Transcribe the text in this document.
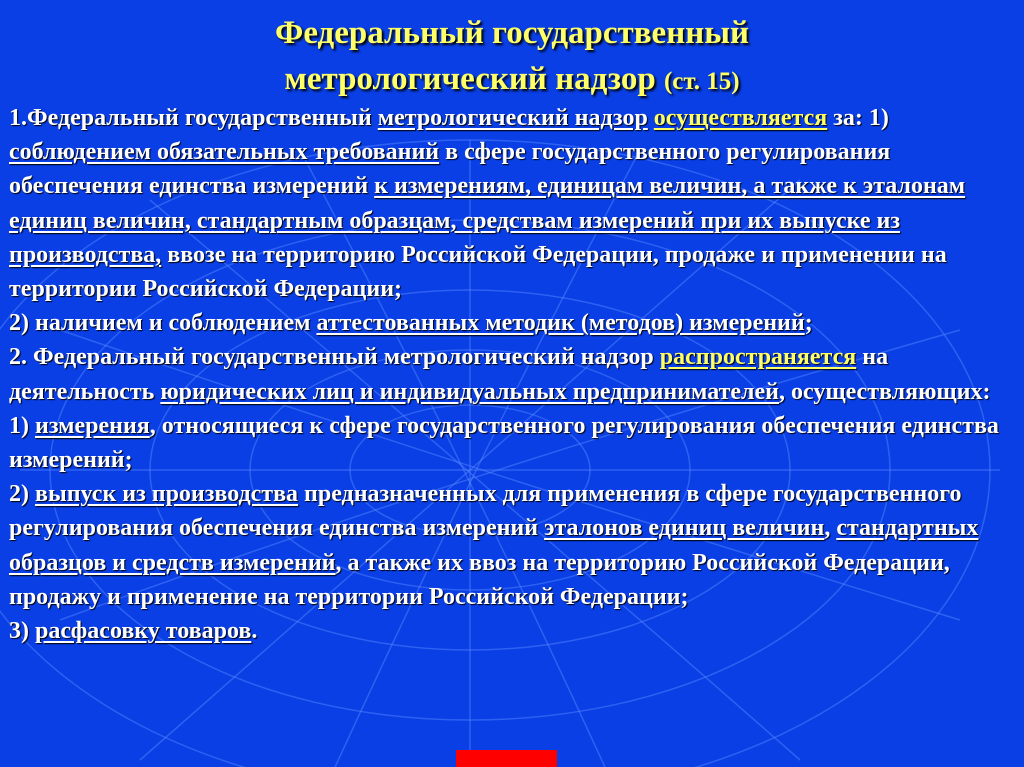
Федеральный государственный
метрологический надзор (ст. 15)
1.Федеральный государственный метрологический надзор осуществляется за: 1) соблюдением обязательных требований в сфере государственного регулирования обеспечения единства измерений к измерениям, единицам величин, а также к эталонам единиц величин, стандартным образцам, средствам измерений при их выпуске из производства, ввозе на территорию Российской Федерации, продаже и применении на территории Российской Федерации;
2) наличием и соблюдением аттестованных методик (методов) измерений;
2. Федеральный государственный метрологический надзор распространяется на деятельность юридических лиц и индивидуальных предпринимателей, осуществляющих:
1) измерения, относящиеся к сфере государственного регулирования обеспечения единства измерений;
2) выпуск из производства предназначенных для применения в сфере государственного регулирования обеспечения единства измерений эталонов единиц величин, стандартных образцов и средств измерений, а также их ввоз на территорию Российской Федерации, продажу и применение на территории Российской Федерации;
3) расфасовку товаров.
